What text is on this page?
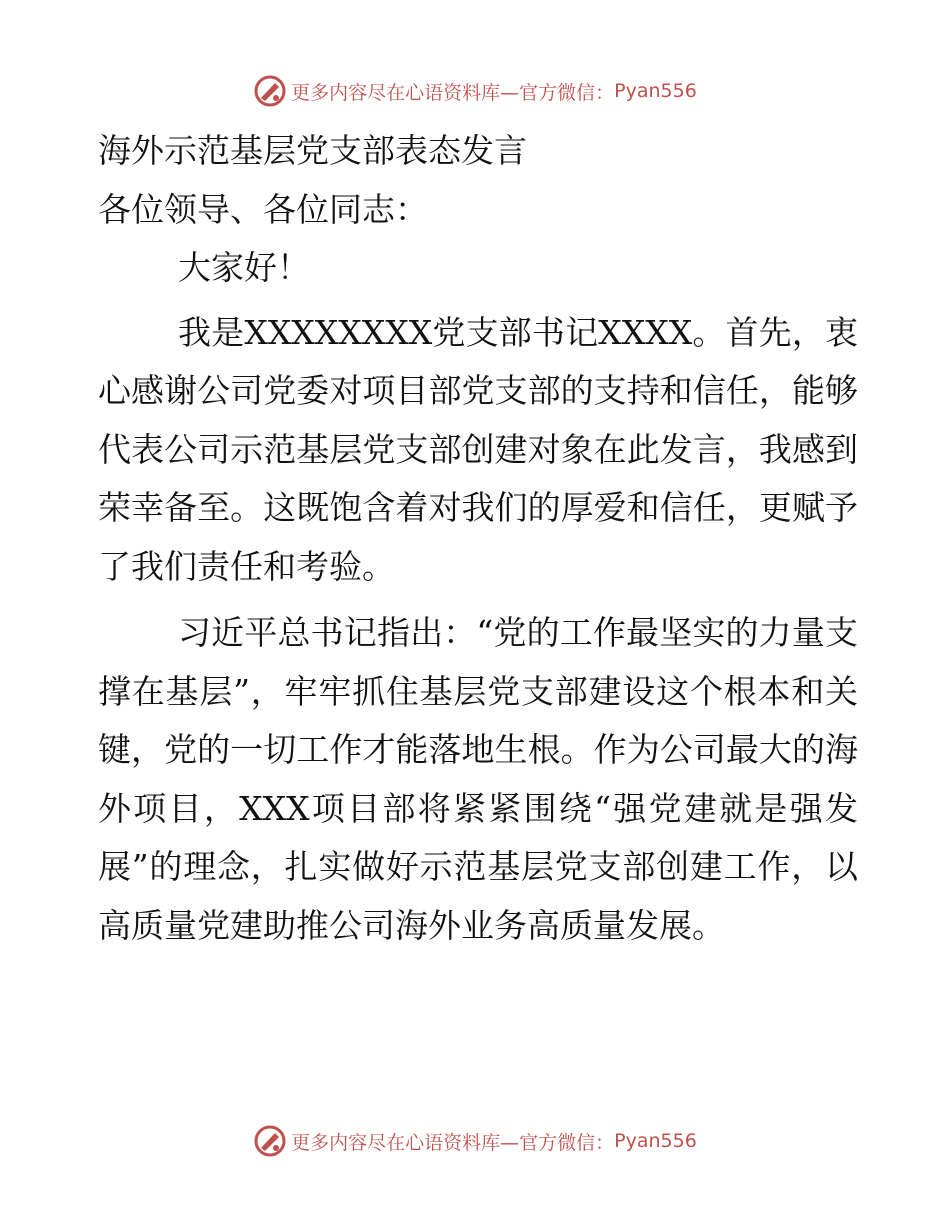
更多内容尽在心语资料库—官方微信： Pyan556

海外示范基层党支部表态发言

各位领导、各位同志：

大家好！

我是XXXXXXXX党支部书记XXXX。首先，衷心感谢公司党委对项目部党支部的支持和信任，能够代表公司示范基层党支部创建对象在此发言，我感到荣幸备至。这既饱含着对我们的厚爱和信任，更赋予了我们责任和考验。

习近平总书记指出：“党的工作最坚实的力量支撑在基层”，牢牢抓住基层党支部建设这个根本和关键，党的一切工作才能落地生根。作为公司最大的海外项目，XXX项目部将紧紧围绕“强党建就是强发展”的理念，扎实做好示范基层党支部创建工作，以高质量党建助推公司海外业务高质量发展。

更多内容尽在心语资料库—官方微信： Pyan556
